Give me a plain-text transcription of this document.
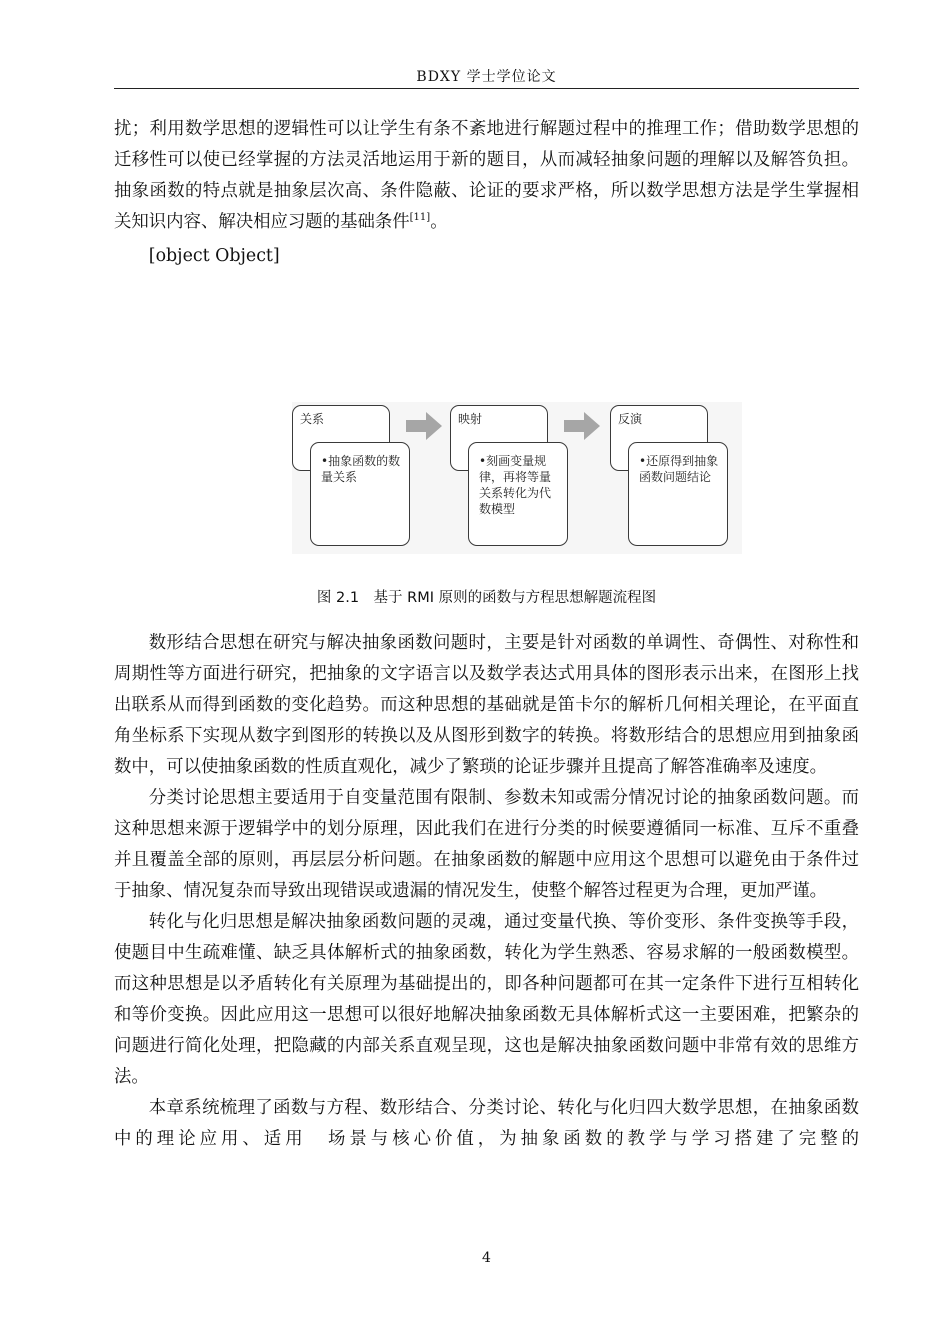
BDXY 学士学位论文

扰；利用数学思想的逻辑性可以让学生有条不紊地进行解题过程中的推理工作；借助数学思想的迁移性可以使已经掌握的方法灵活地运用于新的题目，从而减轻抽象问题的理解以及解答负担。抽象函数的特点就是抽象层次高、条件隐蔽、论证的要求严格，所以数学思想方法是学生掌握相关知识内容、解决相应习题的基础条件[11]。

[object Object]

关系
• 抽象函数的数量关系
映射
• 刻画变量规律，再将等量关系转化为代数模型
反演
• 还原得到抽象函数问题结论
图 2.1　基于 RMI 原则的函数与方程思想解题流程图

数形结合思想在研究与解决抽象函数问题时，主要是针对函数的单调性、奇偶性、对称性和周期性等方面进行研究，把抽象的文字语言以及数学表达式用具体的图形表示出来，在图形上找出联系从而得到函数的变化趋势。而这种思想的基础就是笛卡尔的解析几何相关理论，在平面直角坐标系下实现从数字到图形的转换以及从图形到数字的转换。将数形结合的思想应用到抽象函数中，可以使抽象函数的性质直观化，减少了繁琐的论证步骤并且提高了解答准确率及速度。

分类讨论思想主要适用于自变量范围有限制、参数未知或需分情况讨论的抽象函数问题。而这种思想来源于逻辑学中的划分原理，因此我们在进行分类的时候要遵循同一标准、互斥不重叠并且覆盖全部的原则，再层层分析问题。在抽象函数的解题中应用这个思想可以避免由于条件过于抽象、情况复杂而导致出现错误或遗漏的情况发生，使整个解答过程更为合理，更加严谨。

转化与化归思想是解决抽象函数问题的灵魂，通过变量代换、等价变形、条件变换等手段，使题目中生疏难懂、缺乏具体解析式的抽象函数，转化为学生熟悉、容易求解的一般函数模型。而这种思想是以矛盾转化有关原理为基础提出的，即各种问题都可在其一定条件下进行互相转化和等价变换。因此应用这一思想可以很好地解决抽象函数无具体解析式这一主要困难，把繁杂的问题进行简化处理，把隐藏的内部关系直观呈现，这也是解决抽象函数问题中非常有效的思维方法。

本章系统梳理了函数与方程、数形结合、分类讨论、转化与化归四大数学思想，在抽象函数中的理论应用、适用　场景与核心价值，为抽象函数的教学与学习搭建了完整的

4
